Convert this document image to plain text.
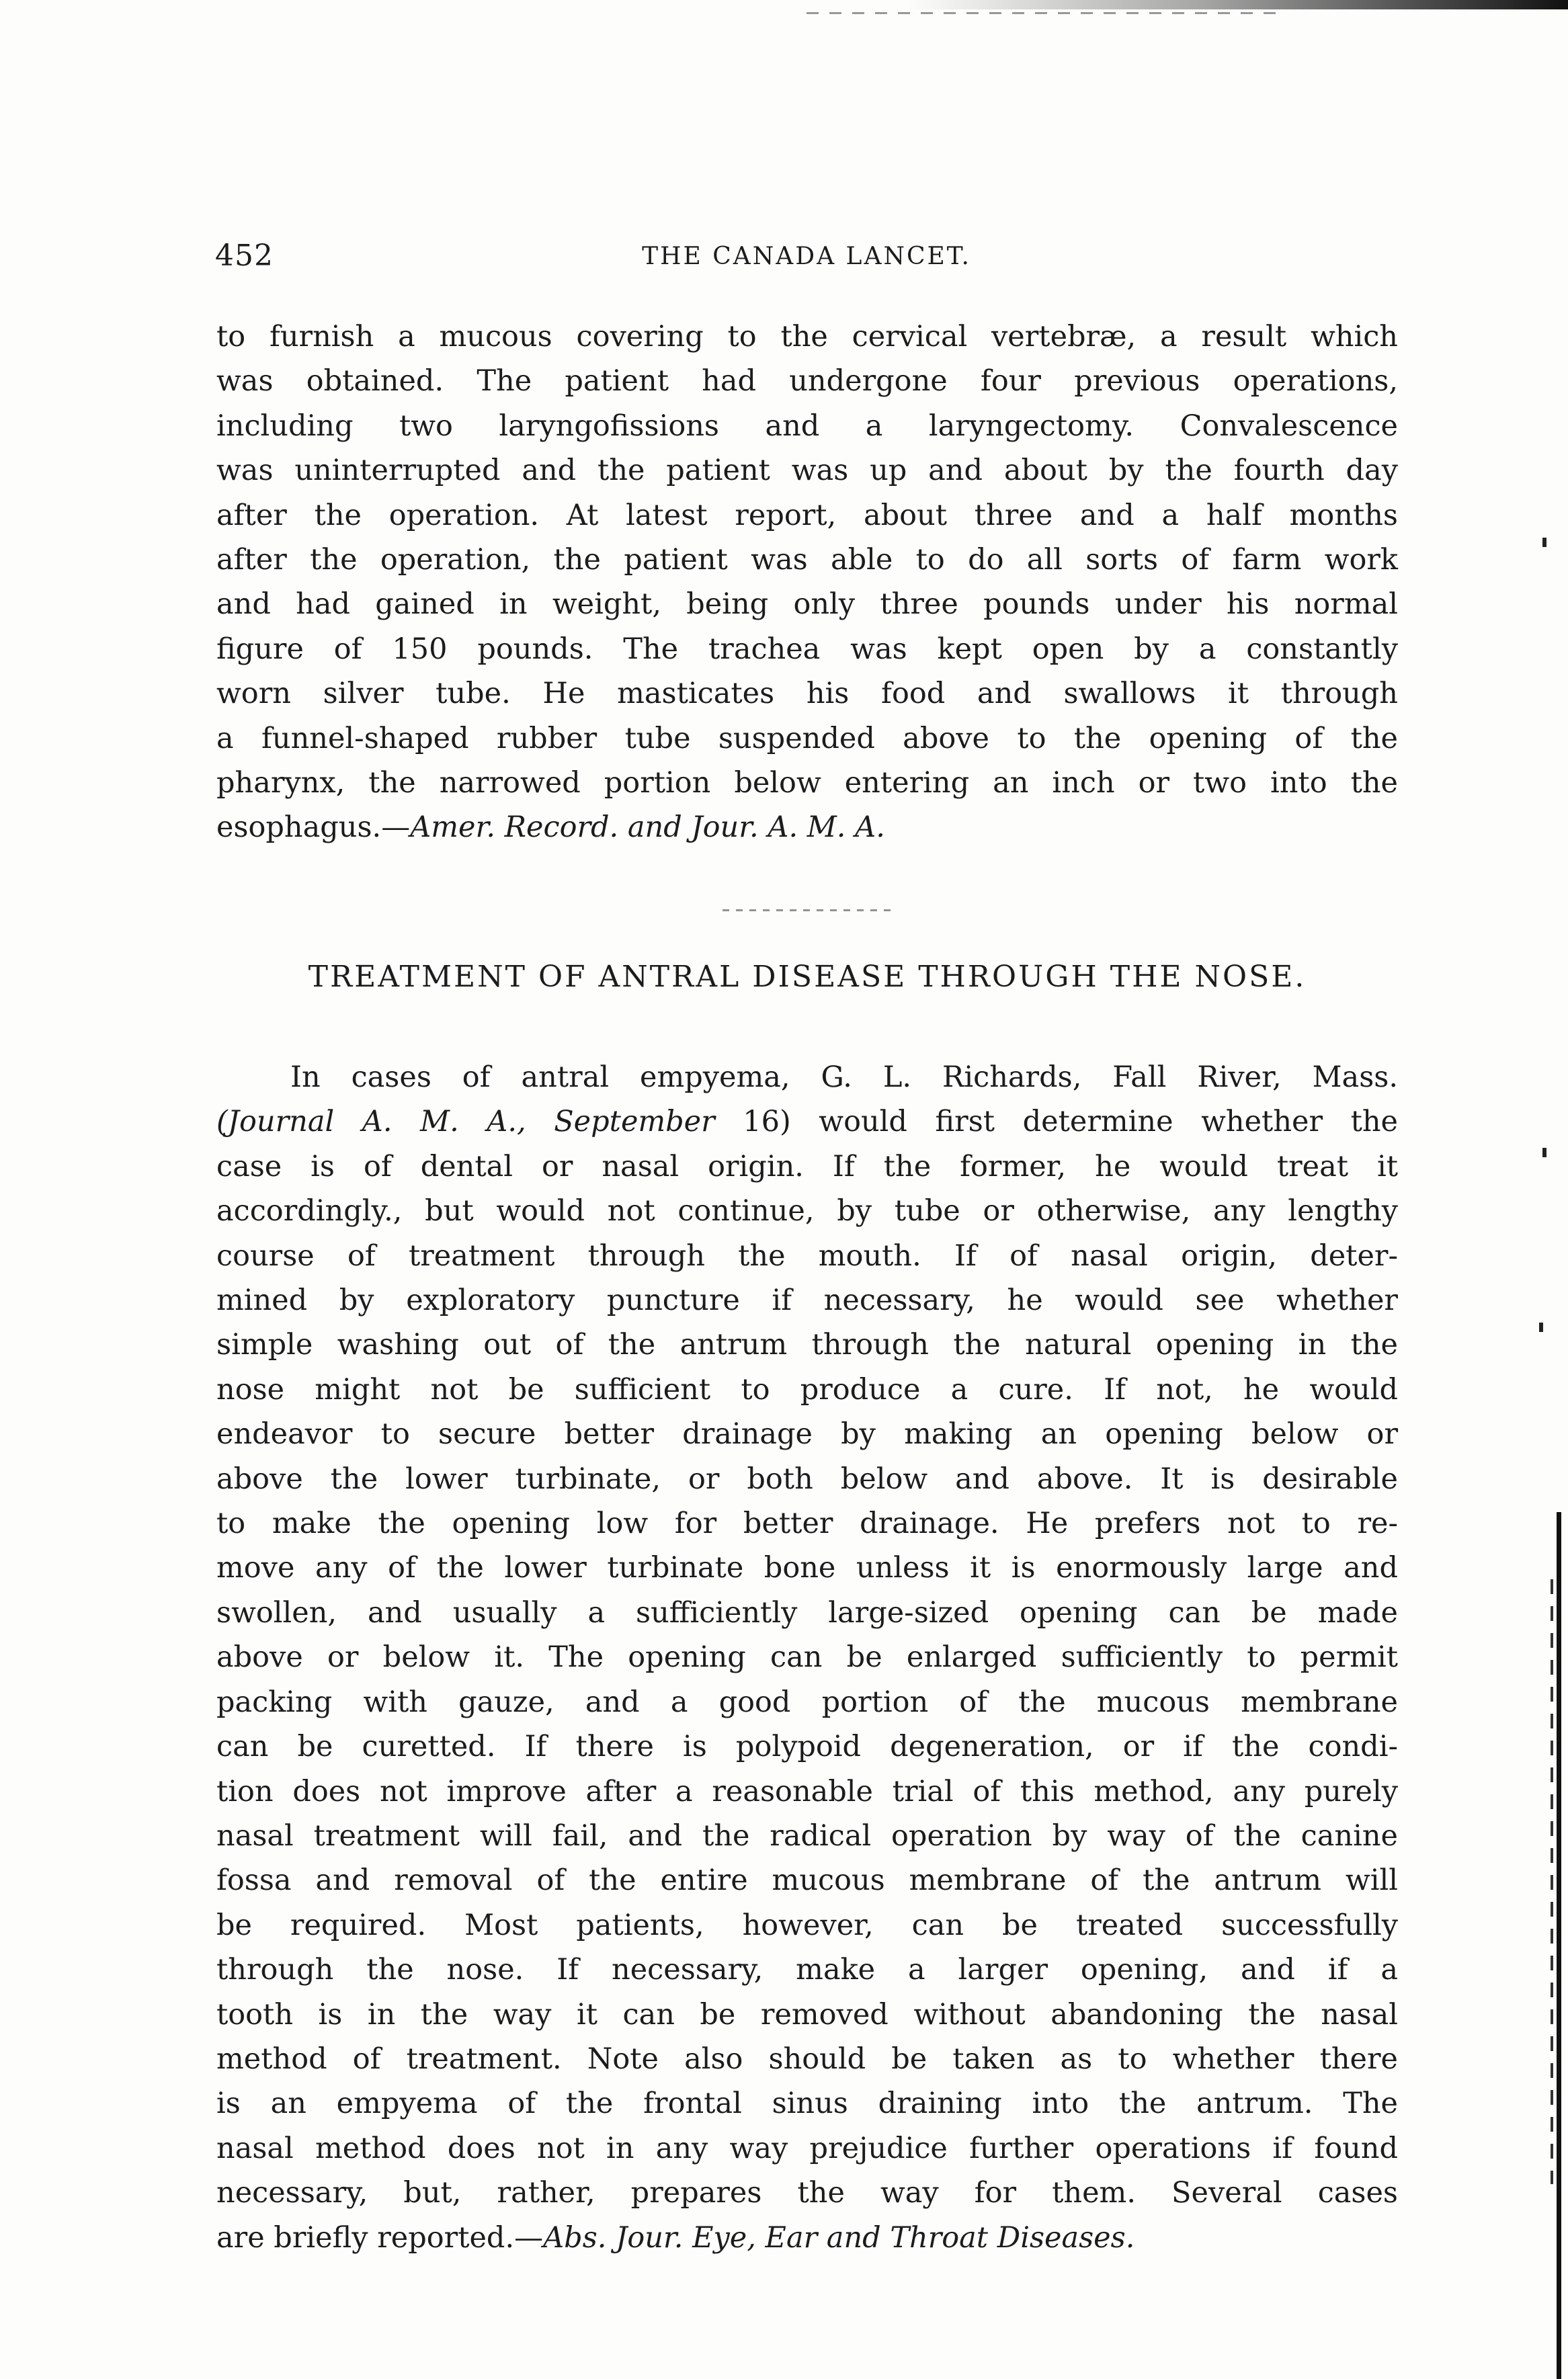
452	THE CANADA LANCET.
to furnish a mucous covering to the cervical vertebræ, a result which
was obtained. The patient had undergone four previous operations,
including two laryngofissions and a laryngectomy. Convalescence
was uninterrupted and the patient was up and about by the fourth day
after the operation. At latest report, about three and a half months
after the operation, the patient was able to do all sorts of farm work
and had gained in weight, being only three pounds under his normal
figure of 150 pounds. The trachea was kept open by a constantly
worn silver tube. He masticates his food and swallows it through
a funnel-shaped rubber tube suspended above to the opening of the
pharynx, the narrowed portion below entering an inch or two into the
esophagus.—Amer. Record. and Jour. A. M. A.
TREATMENT OF ANTRAL DISEASE THROUGH THE NOSE.
In cases of antral empyema, G. L. Richards, Fall River, Mass.
(Journal A. M. A., September 16) would first determine whether the
case is of dental or nasal origin. If the former, he would treat it
accordingly., but would not continue, by tube or otherwise, any lengthy
course of treatment through the mouth. If of nasal origin, deter-
mined by exploratory puncture if necessary, he would see whether
simple washing out of the antrum through the natural opening in the
nose might not be sufficient to produce a cure. If not, he would
endeavor to secure better drainage by making an opening below or
above the lower turbinate, or both below and above. It is desirable
to make the opening low for better drainage. He prefers not to re-
move any of the lower turbinate bone unless it is enormously large and
swollen, and usually a sufficiently large-sized opening can be made
above or below it. The opening can be enlarged sufficiently to permit
packing with gauze, and a good portion of the mucous membrane
can be curetted. If there is polypoid degeneration, or if the condi-
tion does not improve after a reasonable trial of this method, any purely
nasal treatment will fail, and the radical operation by way of the canine
fossa and removal of the entire mucous membrane of the antrum will
be required. Most patients, however, can be treated successfully
through the nose. If necessary, make a larger opening, and if a
tooth is in the way it can be removed without abandoning the nasal
method of treatment. Note also should be taken as to whether there
is an empyema of the frontal sinus draining into the antrum. The
nasal method does not in any way prejudice further operations if found
necessary, but, rather, prepares the way for them. Several cases
are briefly reported.—Abs. Jour. Eye, Ear and Throat Diseases.
